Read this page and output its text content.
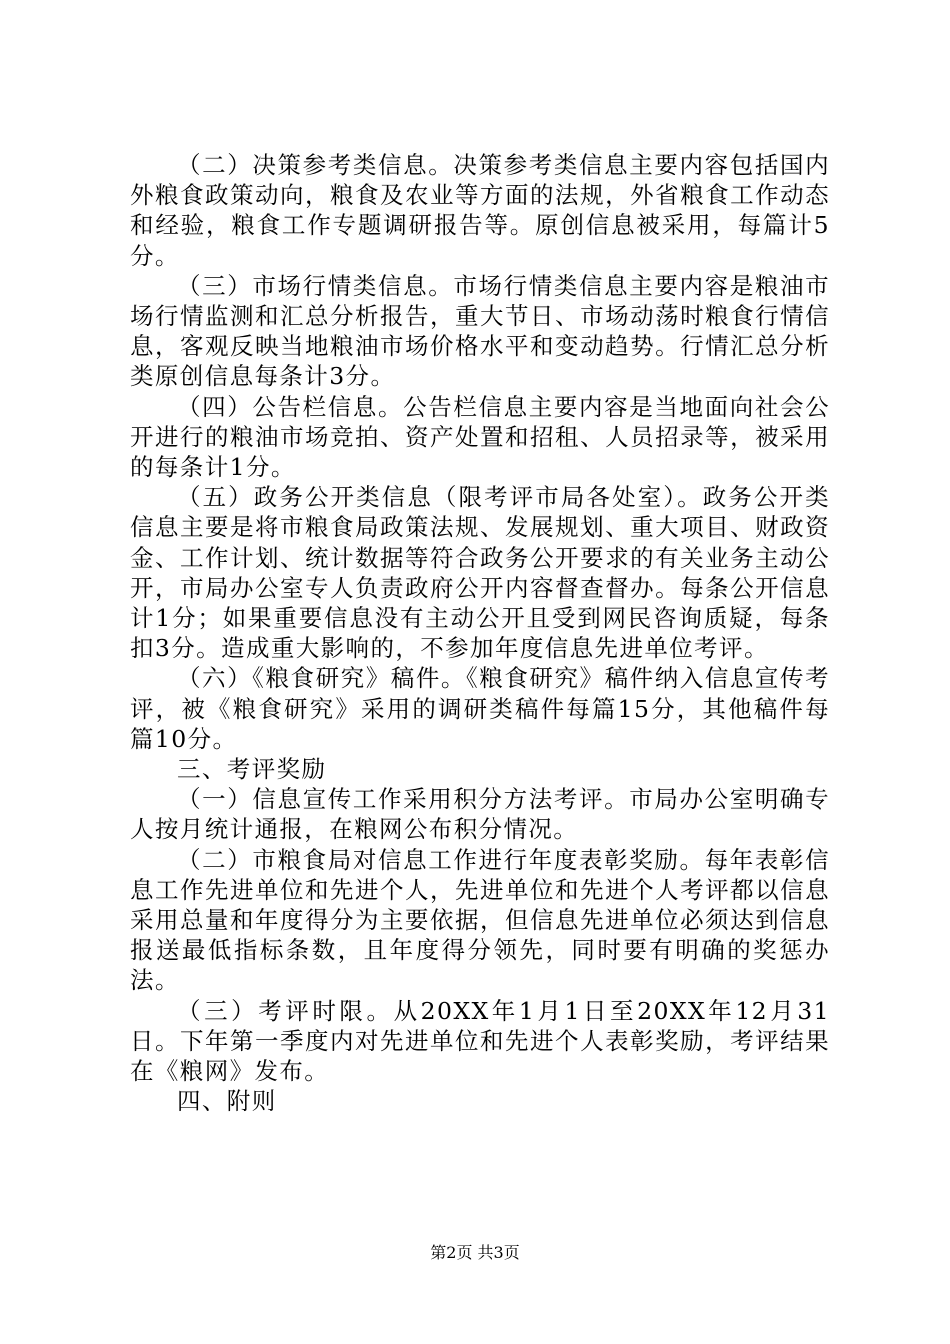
（二）决策参考类信息。决策参考类信息主要内容包括国内外粮食政策动向，粮食及农业等方面的法规，外省粮食工作动态和经验，粮食工作专题调研报告等。原创信息被采用，每篇计5分。

（三）市场行情类信息。市场行情类信息主要内容是粮油市场行情监测和汇总分析报告，重大节日、市场动荡时粮食行情信息，客观反映当地粮油市场价格水平和变动趋势。行情汇总分析类原创信息每条计3分。

（四）公告栏信息。公告栏信息主要内容是当地面向社会公开进行的粮油市场竞拍、资产处置和招租、人员招录等，被采用的每条计1分。

（五）政务公开类信息（限考评市局各处室）。政务公开类信息主要是将市粮食局政策法规、发展规划、重大项目、财政资金、工作计划、统计数据等符合政务公开要求的有关业务主动公开，市局办公室专人负责政府公开内容督查督办。每条公开信息计1分；如果重要信息没有主动公开且受到网民咨询质疑，每条扣3分。造成重大影响的，不参加年度信息先进单位考评。

（六）《粮食研究》稿件。《粮食研究》稿件纳入信息宣传考评，被《粮食研究》采用的调研类稿件每篇15分，其他稿件每篇10分。

三、考评奖励

（一）信息宣传工作采用积分方法考评。市局办公室明确专人按月统计通报，在粮网公布积分情况。

（二）市粮食局对信息工作进行年度表彰奖励。每年表彰信息工作先进单位和先进个人，先进单位和先进个人考评都以信息采用总量和年度得分为主要依据，但信息先进单位必须达到信息报送最低指标条数，且年度得分领先，同时要有明确的奖惩办法。

（三）考评时限。从20XX年1月1日至20XX年12月31日。下年第一季度内对先进单位和先进个人表彰奖励，考评结果在《粮网》发布。

四、附则

第2页 共3页
